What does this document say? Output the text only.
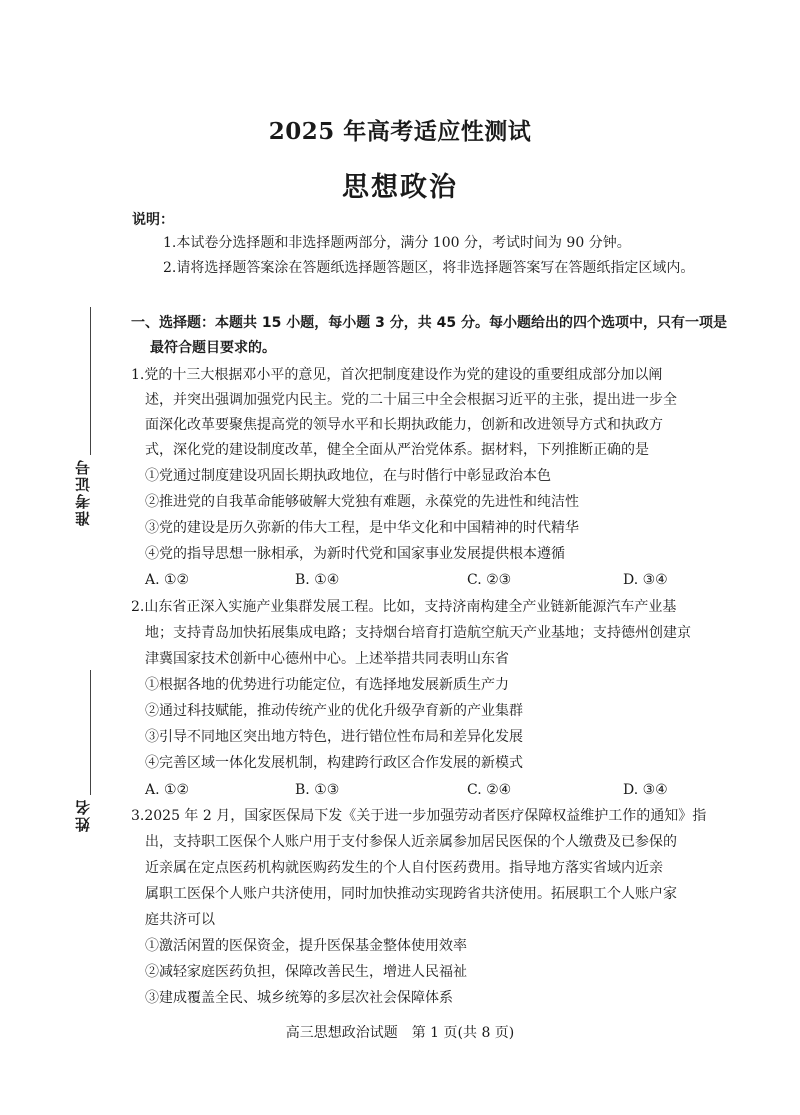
2025 年高考适应性测试
思想政治
说明：
1.本试卷分选择题和非选择题两部分，满分 100 分，考试时间为 90 分钟。
2.请将选择题答案涂在答题纸选择题答题区，将非选择题答案写在答题纸指定区域内。
准考证号
姓名
一、选择题：本题共 15 小题，每小题 3 分，共 45 分。每小题给出的四个选项中，只有一项是
最符合题目要求的。
1.党的十三大根据邓小平的意见，首次把制度建设作为党的建设的重要组成部分加以阐
述，并突出强调加强党内民主。党的二十届三中全会根据习近平的主张，提出进一步全
面深化改革要聚焦提高党的领导水平和长期执政能力，创新和改进领导方式和执政方
式，深化党的建设制度改革，健全全面从严治党体系。据材料，下列推断正确的是
①党通过制度建设巩固长期执政地位，在与时偕行中彰显政治本色
②推进党的自我革命能够破解大党独有难题，永葆党的先进性和纯洁性
③党的建设是历久弥新的伟大工程，是中华文化和中国精神的时代精华
④党的指导思想一脉相承，为新时代党和国家事业发展提供根本遵循
A. ①②	B. ①④	C. ②③	D. ③④
2.山东省正深入实施产业集群发展工程。比如，支持济南构建全产业链新能源汽车产业基
地；支持青岛加快拓展集成电路；支持烟台培育打造航空航天产业基地；支持德州创建京
津冀国家技术创新中心德州中心。上述举措共同表明山东省
①根据各地的优势进行功能定位，有选择地发展新质生产力
②通过科技赋能，推动传统产业的优化升级孕育新的产业集群
③引导不同地区突出地方特色，进行错位性布局和差异化发展
④完善区域一体化发展机制，构建跨行政区合作发展的新模式
A. ①②	B. ①③	C. ②④	D. ③④
3.2025 年 2 月，国家医保局下发《关于进一步加强劳动者医疗保障权益维护工作的通知》指
出，支持职工医保个人账户用于支付参保人近亲属参加居民医保的个人缴费及已参保的
近亲属在定点医药机构就医购药发生的个人自付医药费用。指导地方落实省域内近亲
属职工医保个人账户共济使用，同时加快推动实现跨省共济使用。拓展职工个人账户家
庭共济可以
①激活闲置的医保资金，提升医保基金整体使用效率
②减轻家庭医药负担，保障改善民生，增进人民福祉
③建成覆盖全民、城乡统筹的多层次社会保障体系
高三思想政治试题　第 1 页(共 8 页)
